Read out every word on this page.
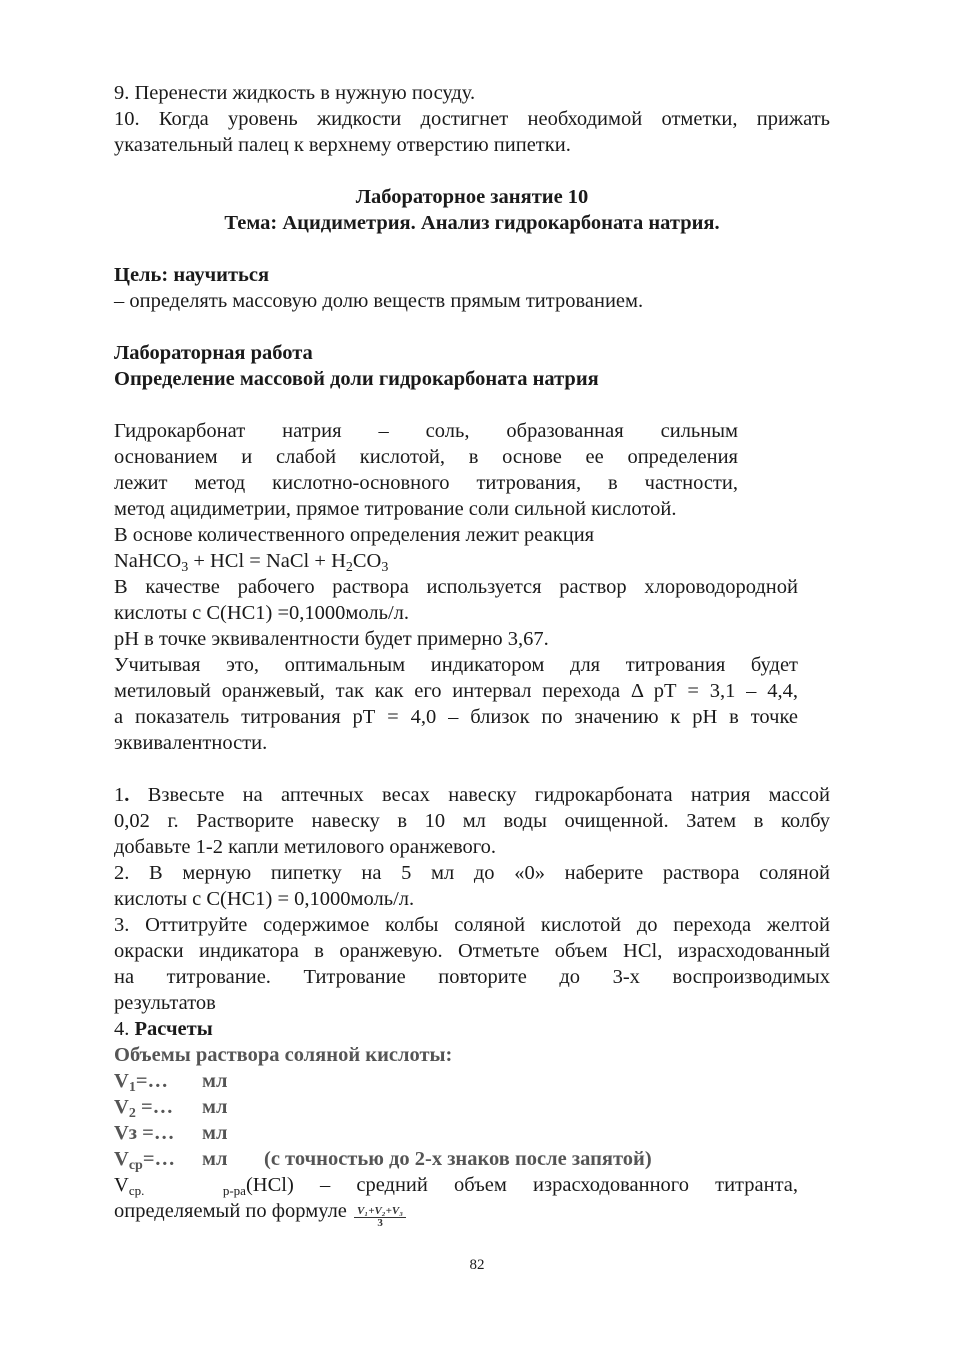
9. Перенести жидкость в нужную посуду.

10. Когда уровень жидкости достигнет необходимой отметки, прижать

указательный палец к верхнему отверстию пипетки.

Лабораторное занятие 10

Тема: Ацидиметрия. Анализ гидрокарбоната натрия.

Цель: научиться

– определять массовую долю веществ прямым титрованием.

Лабораторная работа

Определение массовой доли гидрокарбоната натрия

Гидрокарбонат натрия – соль, образованная сильным

основанием и слабой кислотой, в основе ее определения

лежит метод кислотно-основного титрования, в частности,

метод ацидиметрии, прямое титрование соли сильной кислотой.

В основе количественного определения лежит реакция

NaHCO$_3$ + HCl = NaCl + $H_2CO_3$

В качестве рабочего раствора используется раствор хлороводородной

кислоты с С(НС1) =0,1000моль/л.

рН в точке эквивалентности будет примерно 3,67.

Учитывая это, оптимальным индикатором для титрования будет

метиловый оранжевый, так как его интервал перехода Δ рТ = 3,1 – 4,4,

а показатель титрования рТ = 4,0 – близок по значению к рН в точке

эквивалентности.

1. Взвесьте на аптечных весах навеску гидрокарбоната натрия массой

0,02 г. Растворите навеску в 10 мл воды очищенной. Затем в колбу

добавьте 1-2 капли метилового оранжевого.

2. В мерную пипетку на 5 мл до «0» наберите раствора соляной

кислоты с С(НС1) = 0,1000моль/л.

3. Оттитруйте содержимое колбы соляной кислотой до перехода желтой

окраски индикатора в оранжевую. Отметьте объем HCl, израсходованный

на титрование. Титрование повторите до 3-х воспроизводимых

результатов

4. Расчеты

Объемы раствора соляной кислоты:

$V_1=\dots$ мл

$V_2$ =… мл

Vз =… мл

$V_{ср}=\dots$ мл (с точностью до 2-х знаков после запятой)

$V_{ср.}$	$_{р-ра}$(HCl) – средний объем израсходованного титранта,

определяемый по формуле $\frac{\text{V₁+V₂+V₃}}{3}$

82
